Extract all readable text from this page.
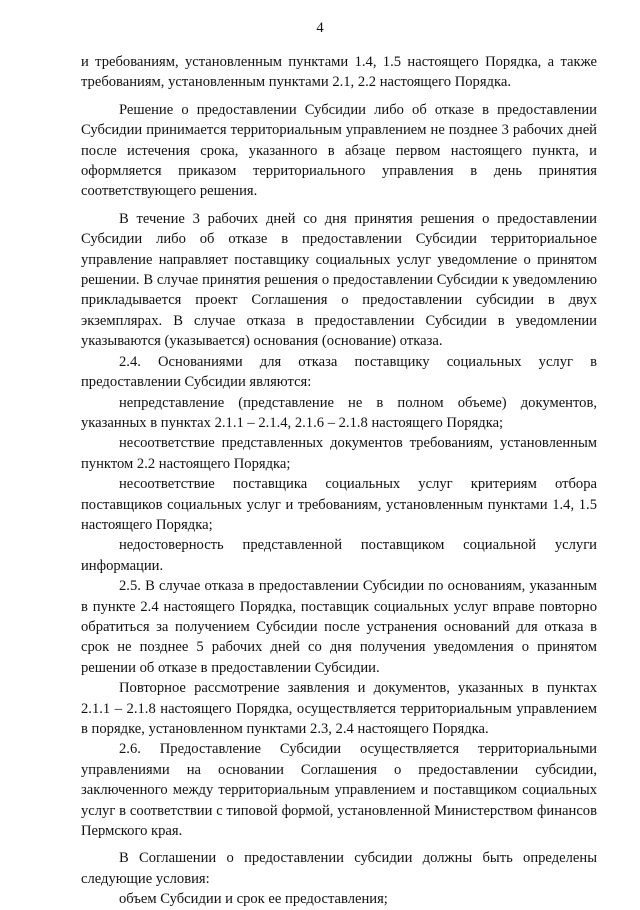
4

и требованиям, установленным пунктами 1.4, 1.5 настоящего Порядка, а также требованиям, установленным пунктами 2.1, 2.2 настоящего Порядка.

Решение о предоставлении Субсидии либо об отказе в предоставлении Субсидии принимается территориальным управлением не позднее 3 рабочих дней после истечения срока, указанного в абзаце первом настоящего пункта, и оформляется приказом территориального управления в день принятия соответствующего решения.

В течение 3 рабочих дней со дня принятия решения о предоставлении Субсидии либо об отказе в предоставлении Субсидии территориальное управление направляет поставщику социальных услуг уведомление о принятом решении. В случае принятия решения о предоставлении Субсидии к уведомлению прикладывается проект Соглашения о предоставлении субсидии в двух экземплярах. В случае отказа в предоставлении Субсидии в уведомлении указываются (указывается) основания (основание) отказа.

2.4. Основаниями для отказа поставщику социальных услуг в предоставлении Субсидии являются:

непредставление (представление не в полном объеме) документов, указанных в пунктах 2.1.1 – 2.1.4, 2.1.6 – 2.1.8 настоящего Порядка;

несоответствие представленных документов требованиям, установленным пунктом 2.2 настоящего Порядка;

несоответствие поставщика социальных услуг критериям отбора поставщиков социальных услуг и требованиям, установленным пунктами 1.4, 1.5 настоящего Порядка;

недостоверность представленной поставщиком социальной услуги информации.

2.5. В случае отказа в предоставлении Субсидии по основаниям, указанным в пункте 2.4 настоящего Порядка, поставщик социальных услуг вправе повторно обратиться за получением Субсидии после устранения оснований для отказа в срок не позднее 5 рабочих дней со дня получения уведомления о принятом решении об отказе в предоставлении Субсидии.

Повторное рассмотрение заявления и документов, указанных в пунктах 2.1.1 – 2.1.8 настоящего Порядка, осуществляется территориальным управлением в порядке, установленном пунктами 2.3, 2.4 настоящего Порядка.

2.6. Предоставление Субсидии осуществляется территориальными управлениями на основании Соглашения о предоставлении субсидии, заключенного между территориальным управлением и поставщиком социальных услуг в соответствии с типовой формой, установленной Министерством финансов Пермского края.

В Соглашении о предоставлении субсидии должны быть определены следующие условия:

объем Субсидии и срок ее предоставления;
